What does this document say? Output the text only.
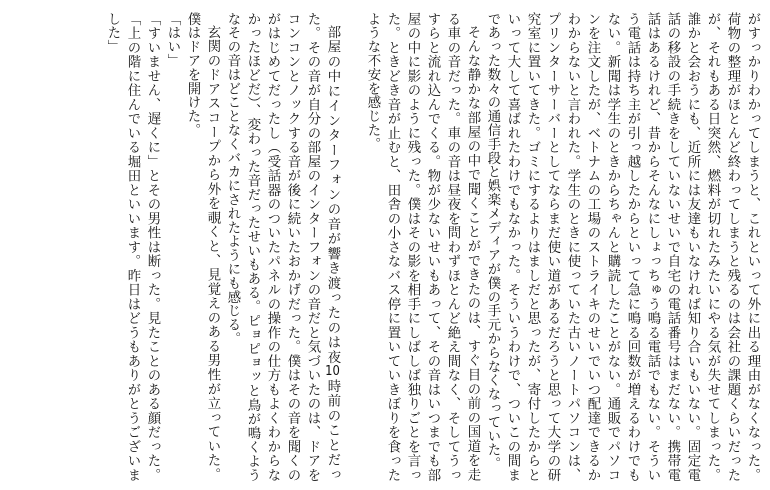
がすっかりわかってしまうと、これといって外に出る理由がなくなった。荷物の整理がほとんど終わってしまうと残るのは会社の課題くらいだったが、それもある日突然、燃料が切れたみたいにやる気が失せてしまった。誰かと会おうにも、近所には友達もいなければ知り合いもいない。固定電話の移設の手続きをしていないせいで自宅の電話番号はまだない。携帯電話はあるけれど、昔からそんなにしょっちゅう鳴る電話でもない。そういう電話は持ち主が引っ越したからといって急に鳴る回数が増えるわけでもない。新聞は学生のときからちゃんと購読したことがない。通販でパソコンを注文したが、ベトナムの工場のストライキのせいでいつ配達できるかわからないと言われた。学生のときに使っていた古いノートパソコンは、プリンターサーバーとしてならまだ使い道があるだろうと思って大学の研究室に置いてきた。ゴミにするよりはましだと思ったが、寄付したからといって大して喜ばれたわけでもなかった。そういうわけで、ついこの間まであった数々の通信手段と娯楽メディアが僕の手元からなくなっていた。

そんな静かな部屋の中で聞くことができたのは、すぐ目の前の国道を走る車の音だった。車の音は昼夜を問わずほとんど絶え間なく、そしてうっすらと流れ込んでくる。物が少ないせいもあって、その音はいつまでも部屋の中に影のように残った。僕はその影を相手にしばしば独りごとを言った。ときどき音が止むと、田舎の小さなバス停に置いていきぼりを食ったような不安を感じた。

部屋の中にインターフォンの音が響き渡ったのは夜10時前のことだった。その音が自分の部屋のインターフォンの音だと気づいたのは、ドアをコンコンとノックする音が後に続いたおかげだった。僕はその音を聞くのがはじめてだったし（受話器のついたパネルの操作の仕方もよくわからなかったほどだ）、変わった音だったせいもある。ピョピョッと鳥が鳴くようなその音はどことなくバカにされたようにも感じる。

玄関のドアスコープから外を覗くと、見覚えのある男性が立っていた。僕はドアを開けた。

「はい」

「すいません、遅くに」とその男性は断った。見たことのある顔だった。「上の階に住んでいる堀田といいます。昨日はどうもありがとうございました」
